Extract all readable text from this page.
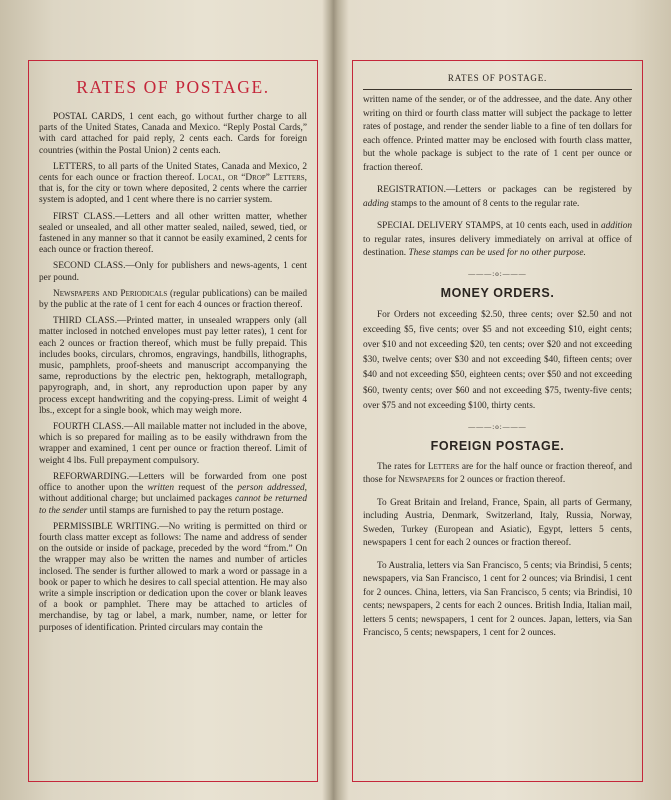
RATES OF POSTAGE.

POSTAL CARDS, 1 cent each, go without further charge to all parts of the United States, Canada and Mexico. “Reply Postal Cards,” with card attached for paid reply, 2 cents each. Cards for foreign countries (within the Postal Union) 2 cents each.

LETTERS, to all parts of the United States, Canada and Mexico, 2 cents for each ounce or fraction thereof. Local, or “Drop” Letters, that is, for the city or town where deposited, 2 cents where the carrier system is adopted, and 1 cent where there is no carrier system.

FIRST CLASS.—Letters and all other written matter, whether sealed or unsealed, and all other matter sealed, nailed, sewed, tied, or fastened in any manner so that it cannot be easily examined, 2 cents for each ounce or fraction thereof.

SECOND CLASS.—Only for publishers and news-agents, 1 cent per pound.

Newspapers and Periodicals (regular publications) can be mailed by the public at the rate of 1 cent for each 4 ounces or fraction thereof.

THIRD CLASS.—Printed matter, in unsealed wrappers only (all matter inclosed in notched envelopes must pay letter rates), 1 cent for each 2 ounces or fraction thereof, which must be fully prepaid. This includes books, circulars, chromos, engravings, handbills, lithographs, music, pamphlets, proof-sheets and manuscript accompanying the same, reproductions by the electric pen, hektograph, metallograph, papyrograph, and, in short, any reproduction upon paper by any process except handwriting and the copying-press. Limit of weight 4 lbs., except for a single book, which may weigh more.

FOURTH CLASS.—All mailable matter not included in the above, which is so prepared for mailing as to be easily withdrawn from the wrapper and examined, 1 cent per ounce or fraction thereof. Limit of weight 4 lbs. Full prepayment compulsory.

REFORWARDING.—Letters will be forwarded from one post office to another upon the written request of the person addressed, without additional charge; but unclaimed packages cannot be returned to the sender until stamps are furnished to pay the return postage.

PERMISSIBLE WRITING.—No writing is permitted on third or fourth class matter except as follows: The name and address of sender on the outside or inside of package, preceded by the word “from.” On the wrapper may also be written the names and number of articles inclosed. The sender is further allowed to mark a word or passage in a book or paper to which he desires to call special attention. He may also write a simple inscription or dedication upon the cover or blank leaves of a book or pamphlet. There may be attached to articles of merchandise, by tag or label, a mark, number, name, or letter for purposes of identification. Printed circulars may contain the

RATES OF POSTAGE.

written name of the sender, or of the addressee, and the date. Any other writing on third or fourth class matter will subject the package to letter rates of postage, and render the sender liable to a fine of ten dollars for each offence. Printed matter may be enclosed with fourth class matter, but the whole package is subject to the rate of 1 cent per ounce or fraction thereof.

REGISTRATION.—Letters or packages can be registered by adding stamps to the amount of 8 cents to the regular rate.

SPECIAL DELIVERY STAMPS, at 10 cents each, used in addition to regular rates, insures delivery immediately on arrival at office of destination. These stamps can be used for no other purpose.

———:o:———
MONEY ORDERS.

For Orders not exceeding $2.50, three cents; over $2.50 and not exceeding $5, five cents; over $5 and not exceeding $10, eight cents; over $10 and not exceeding $20, ten cents; over $20 and not exceeding $30, twelve cents; over $30 and not exceeding $40, fifteen cents; over $40 and not exceeding $50, eighteen cents; over $50 and not exceeding $60, twenty cents; over $60 and not exceeding $75, twenty-five cents; over $75 and not exceeding $100, thirty cents.

———:o:———
FOREIGN POSTAGE.

The rates for Letters are for the half ounce or fraction thereof, and those for Newspapers for 2 ounces or fraction thereof.

To Great Britain and Ireland, France, Spain, all parts of Germany, including Austria, Denmark, Switzerland, Italy, Russia, Norway, Sweden, Turkey (European and Asiatic), Egypt, letters 5 cents, newspapers 1 cent for each 2 ounces or fraction thereof.

To Australia, letters via San Francisco, 5 cents; via Brindisi, 5 cents; newspapers, via San Francisco, 1 cent for 2 ounces; via Brindisi, 1 cent for 2 ounces. China, letters, via San Francisco, 5 cents; via Brindisi, 10 cents; newspapers, 2 cents for each 2 ounces. British India, Italian mail, letters 5 cents; newspapers, 1 cent for 2 ounces. Japan, letters, via San Francisco, 5 cents; newspapers, 1 cent for 2 ounces.
